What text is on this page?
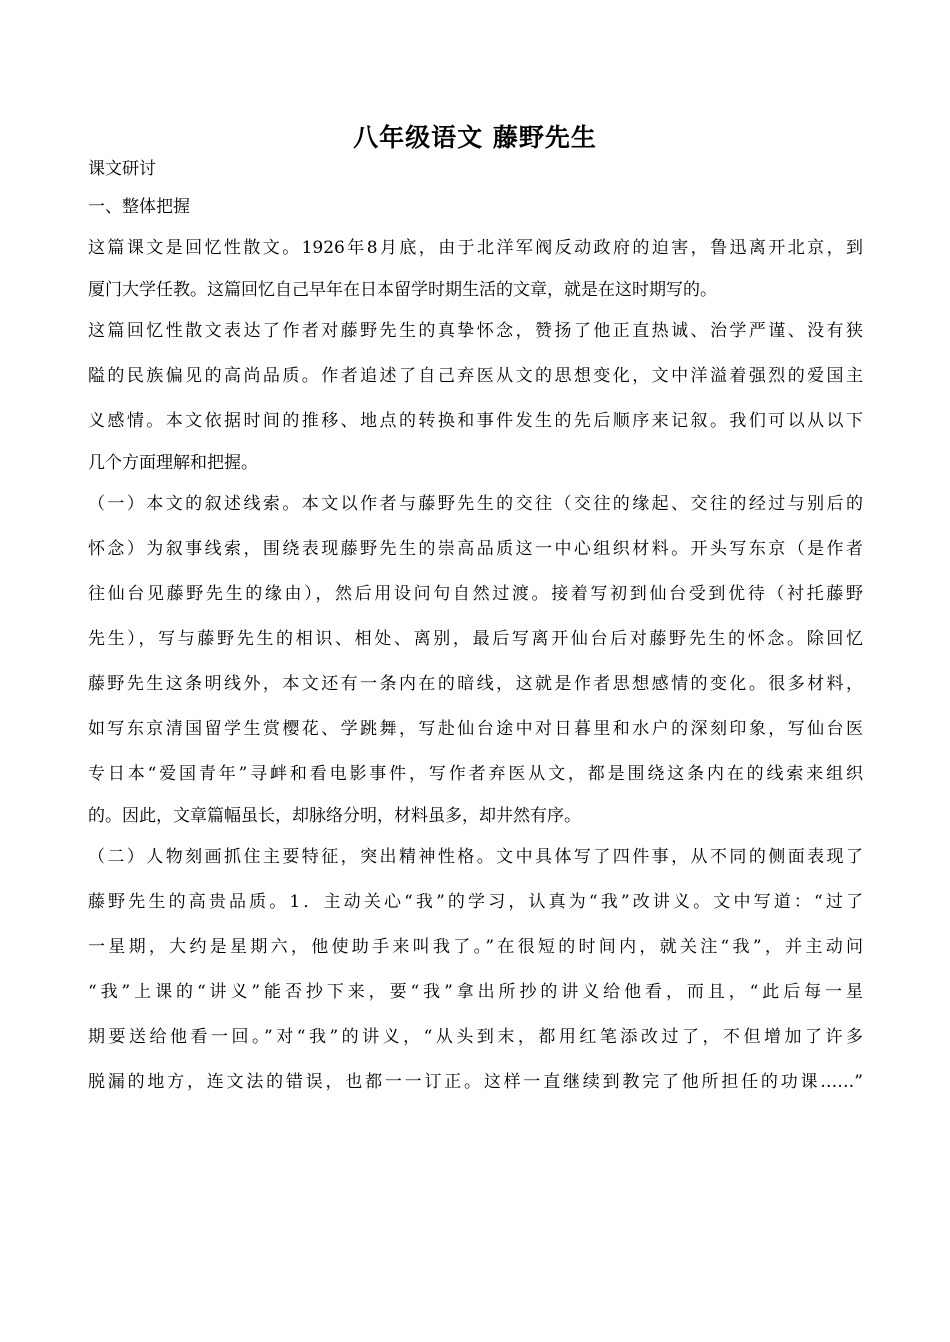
八年级语文 藤野先生
课文研讨
一、整体把握
这篇课文是回忆性散文。1926年8月底，由于北洋军阀反动政府的迫害，鲁迅离开北京，到
厦门大学任教。这篇回忆自己早年在日本留学时期生活的文章，就是在这时期写的。
这篇回忆性散文表达了作者对藤野先生的真挚怀念，赞扬了他正直热诚、治学严谨、没有狭
隘的民族偏见的高尚品质。作者追述了自己弃医从文的思想变化，文中洋溢着强烈的爱国主
义感情。本文依据时间的推移、地点的转换和事件发生的先后顺序来记叙。我们可以从以下
几个方面理解和把握。
（一）本文的叙述线索。本文以作者与藤野先生的交往（交往的缘起、交往的经过与别后的
怀念）为叙事线索，围绕表现藤野先生的崇高品质这一中心组织材料。开头写东京（是作者
往仙台见藤野先生的缘由），然后用设问句自然过渡。接着写初到仙台受到优待（衬托藤野
先生），写与藤野先生的相识、相处、离别，最后写离开仙台后对藤野先生的怀念。除回忆
藤野先生这条明线外，本文还有一条内在的暗线，这就是作者思想感情的变化。很多材料，
如写东京清国留学生赏樱花、学跳舞，写赴仙台途中对日暮里和水户的深刻印象，写仙台医
专日本“爱国青年”寻衅和看电影事件，写作者弃医从文，都是围绕这条内在的线索来组织
的。因此，文章篇幅虽长，却脉络分明，材料虽多，却井然有序。
（二）人物刻画抓住主要特征，突出精神性格。文中具体写了四件事，从不同的侧面表现了
藤野先生的高贵品质。1．主动关心“我”的学习，认真为“我”改讲义。文中写道：“过了
一星期，大约是星期六，他使助手来叫我了。”在很短的时间内，就关注“我”，并主动问
“我”上课的“讲义”能否抄下来，要“我”拿出所抄的讲义给他看，而且，“此后每一星
期要送给他看一回。”对“我”的讲义，“从头到末，都用红笔添改过了，不但增加了许多
脱漏的地方，连文法的错误，也都一一订正。这样一直继续到教完了他所担任的功课……”
